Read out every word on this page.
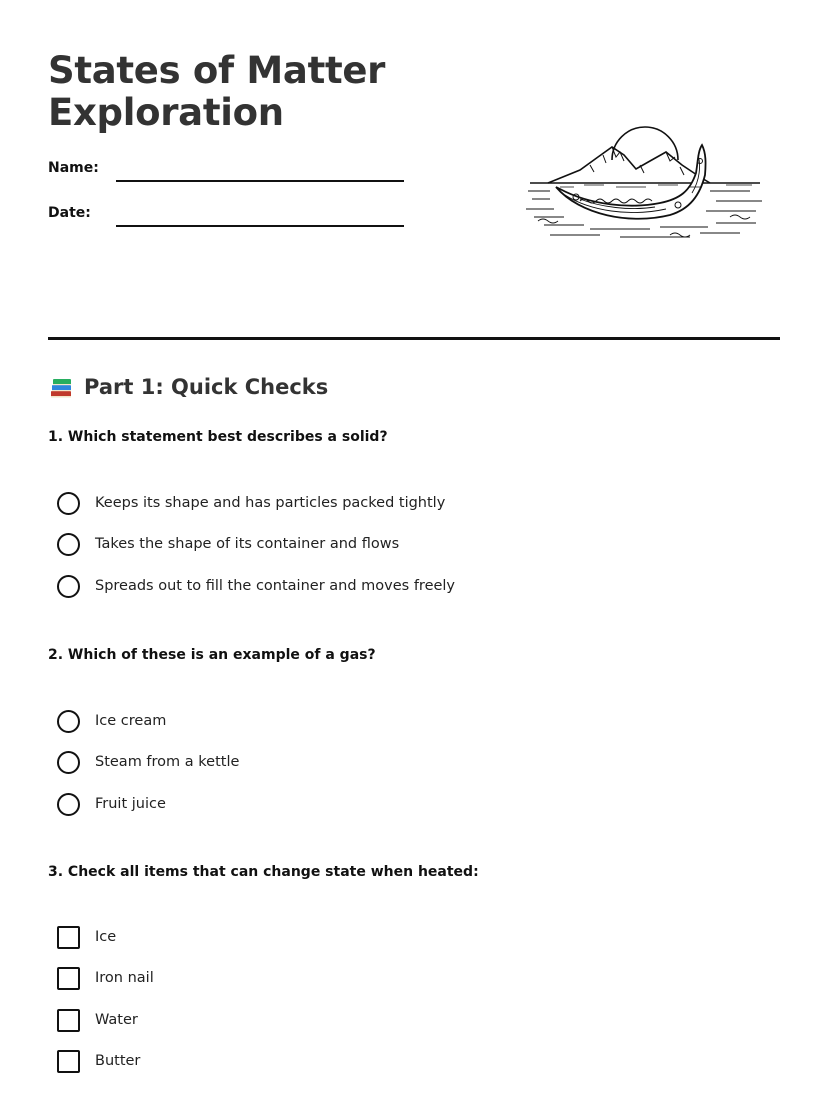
States of Matter Exploration
Name:
Date:
Part 1: Quick Checks

1. Which statement best describes a solid?

Keeps its shape and has particles packed tightly
Takes the shape of its container and flows
Spreads out to fill the container and moves freely

2. Which of these is an example of a gas?

Ice cream
Steam from a kettle
Fruit juice

3. Check all items that can change state when heated:

Ice
Iron nail
Water
Butter
